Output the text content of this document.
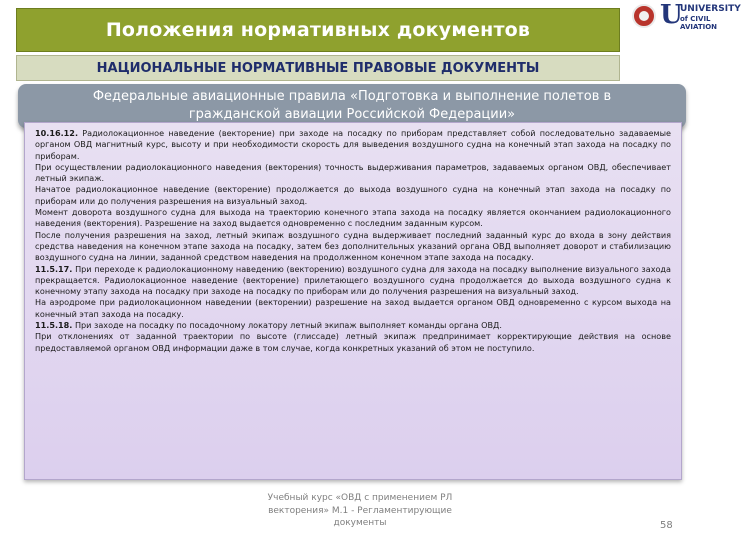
Положения нормативных документов
НАЦИОНАЛЬНЫЕ НОРМАТИВНЫЕ ПРАВОВЫЕ ДОКУМЕНТЫ
U
UNIVERSITY
of CIVIL AVIATION
Федеральные авиационные правила «Подготовка и выполнение полетов в
гражданской авиации Российской Федерации»

10.16.12. Радиолокационное наведение (векторение) при заходе на посадку по приборам представляет собой последовательно задаваемые органом ОВД магнитный курс, высоту и при необходимости скорость для выведения воздушного судна на конечный этап захода на посадку по приборам.

При осуществлении радиолокационного наведения (векторения) точность выдерживания параметров, задаваемых органом ОВД, обеспечивает летный экипаж.

Начатое радиолокационное наведение (векторение) продолжается до выхода воздушного судна на конечный этап захода на посадку по приборам или до получения разрешения на визуальный заход.

Момент доворота воздушного судна для выхода на траекторию конечного этапа захода на посадку является окончанием радиолокационного наведения (векторения). Разрешение на заход выдается одновременно с последним заданным курсом.

После получения разрешения на заход, летный экипаж воздушного судна выдерживает последний заданный курс до входа в зону действия средства наведения на конечном этапе захода на посадку, затем без дополнительных указаний органа ОВД выполняет доворот и стабилизацию воздушного судна на линии, заданной средством наведения на продолженном конечном этапе захода на посадку.

11.5.17. При переходе к радиолокационному наведению (векторению) воздушного судна для захода на посадку выполнение визуального захода прекращается. Радиолокационное наведение (векторение) прилетающего воздушного судна продолжается до выхода воздушного судна к конечному этапу захода на посадку при заходе на посадку по приборам или до получения разрешения на визуальный заход.

На аэродроме при радиолокационном наведении (векторении) разрешение на заход выдается органом ОВД одновременно с курсом выхода на конечный этап захода на посадку.

11.5.18. При заходе на посадку по посадочному локатору летный экипаж выполняет команды органа ОВД.

При отклонениях от заданной траектории по высоте (глиссаде) летный экипаж предпринимает корректирующие действия на основе предоставляемой органом ОВД информации даже в том случае, когда конкретных указаний об этом не поступило.

Учебный курс «ОВД с применением РЛ
векторения» М.1 - Регламентирующие
документы	58
